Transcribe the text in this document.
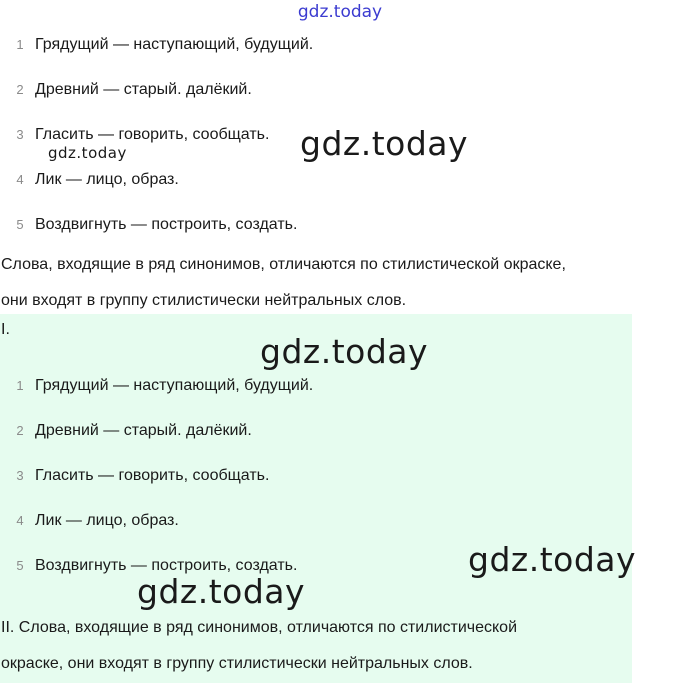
gdz.today
1 Грядущий — наступающий, будущий.
2 Древний — старый. далёкий.
3 Гласить — говорить, сообщать.
4 Лик — лицо, образ.
5 Воздвигнуть — построить, создать.

Слова, входящие в ряд синонимов, отличаются по стилистической окраске,

они входят в группу стилистически нейтральных слов.

I.
1 Грядущий — наступающий, будущий.
2 Древний — старый. далёкий.
3 Гласить — говорить, сообщать.
4 Лик — лицо, образ.
5 Воздвигнуть — построить, создать.

II. Слова, входящие в ряд синонимов, отличаются по стилистической

окраске, они входят в группу стилистически нейтральных слов.

gdz.today	gdz.today
gdz.today
gdz.today
gdz.today
